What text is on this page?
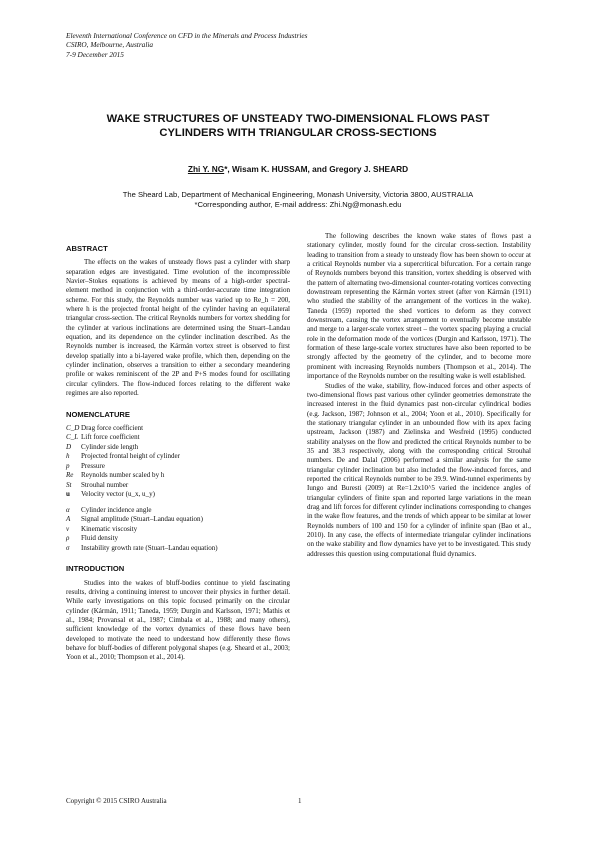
Eleventh International Conference on CFD in the Minerals and Process Industries
CSIRO, Melbourne, Australia
7-9 December 2015
WAKE STRUCTURES OF UNSTEADY TWO-DIMENSIONAL FLOWS PAST
CYLINDERS WITH TRIANGULAR CROSS-SECTIONS
Zhi Y. NG*, Wisam K. HUSSAM, and Gregory J. SHEARD
The Sheard Lab, Department of Mechanical Engineering, Monash University, Victoria 3800, AUSTRALIA
*Corresponding author, E-mail address: Zhi.Ng@monash.edu
ABSTRACT

The effects on the wakes of unsteady flows past a cylinder with sharp separation edges are investigated. Time evolution of the incompressible Navier–Stokes equations is achieved by means of a high-order spectral-element method in conjunction with a third-order-accurate time integration scheme. For this study, the Reynolds number was varied up to Re_h = 200, where h is the projected frontal height of the cylinder having an equilateral triangular cross-section. The critical Reynolds numbers for vortex shedding for the cylinder at various inclinations are determined using the Stuart–Landau equation, and its dependence on the cylinder inclination described. As the Reynolds number is increased, the Kármán vortex street is observed to first develop spatially into a bi-layered wake profile, which then, depending on the cylinder inclination, observes a transition to either a secondary meandering profile or wakes reminiscent of the 2P and P+S modes found for oscillating circular cylinders. The flow-induced forces relating to the different wake regimes are also reported.

NOMENCLATURE
C_D Drag force coefficient
C_L Lift force coefficient
D	Cylinder side length
h	Projected frontal height of cylinder
p	Pressure
Re	Reynolds number scaled by h
St	Strouhal number
u	Velocity vector (u_x, u_y)
α	Cylinder incidence angle
A	Signal amplitude (Stuart–Landau equation)
ν	Kinematic viscosity
ρ	Fluid density
σ	Instability growth rate (Stuart–Landau equation)
INTRODUCTION

Studies into the wakes of bluff-bodies continue to yield fascinating results, driving a continuing interest to uncover their physics in further detail. While early investigations on this topic focused primarily on the circular cylinder (Kármán, 1911; Taneda, 1959; Durgin and Karlsson, 1971; Mathis et al., 1984; Provansal et al., 1987; Cimbala et al., 1988; and many others), sufficient knowledge of the vortex dynamics of these flows have been developed to motivate the need to understand how differently these flows behave for bluff-bodies of different polygonal shapes (e.g. Sheard et al., 2003; Yoon et al., 2010; Thompson et al., 2014).

The following describes the known wake states of flows past a stationary cylinder, mostly found for the circular cross-section. Instability leading to transition from a steady to unsteady flow has been shown to occur at a critical Reynolds number via a supercritical bifurcation. For a certain range of Reynolds numbers beyond this transition, vortex shedding is observed with the pattern of alternating two-dimensional counter-rotating vortices convecting downstream representing the Kármán vortex street (after von Kármán (1911) who studied the stability of the arrangement of the vortices in the wake). Taneda (1959) reported the shed vortices to deform as they convect downstream, causing the vortex arrangement to eventually become unstable and merge to a larger-scale vortex street – the vortex spacing playing a crucial role in the deformation mode of the vortices (Durgin and Karlsson, 1971). The formation of these large-scale vortex structures have also been reported to be strongly affected by the geometry of the cylinder, and to become more prominent with increasing Reynolds numbers (Thompson et al., 2014). The importance of the Reynolds number on the resulting wake is well established.

Studies of the wake, stability, flow-induced forces and other aspects of two-dimensional flows past various other cylinder geometries demonstrate the increased interest in the fluid dynamics past non-circular cylindrical bodies (e.g. Jackson, 1987; Johnson et al., 2004; Yoon et al., 2010). Specifically for the stationary triangular cylinder in an unbounded flow with its apex facing upstream, Jackson (1987) and Zielinska and Wesfreid (1995) conducted stability analyses on the flow and predicted the critical Reynolds number to be 35 and 38.3 respectively, along with the corresponding critical Strouhal numbers. De and Dalal (2006) performed a similar analysis for the same triangular cylinder inclination but also included the flow-induced forces, and reported the critical Reynolds number to be 39.9. Wind-tunnel experiments by Iungo and Buresti (2009) at Re=1.2x10^5 varied the incidence angles of triangular cylinders of finite span and reported large variations in the mean drag and lift forces for different cylinder inclinations corresponding to changes in the wake flow features, and the trends of which appear to be similar at lower Reynolds numbers of 100 and 150 for a cylinder of infinite span (Bao et al., 2010). In any case, the effects of intermediate triangular cylinder inclinations on the wake stability and flow dynamics have yet to be investigated. This study addresses this question using computational fluid dynamics.

Copyright © 2015 CSIRO Australia	1
